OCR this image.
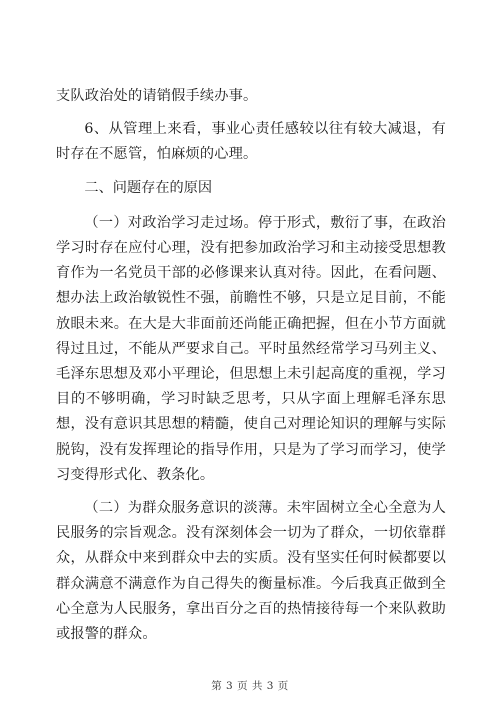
支队政治处的请销假手续办事。

6、从管理上来看，事业心责任感较以往有较大减退，有时存在不愿管，怕麻烦的心理。

二、问题存在的原因

（一）对政治学习走过场。停于形式，敷衍了事，在政治学习时存在应付心理，没有把参加政治学习和主动接受思想教育作为一名党员干部的必修课来认真对待。因此，在看问题、想办法上政治敏锐性不强，前瞻性不够，只是立足目前，不能放眼未来。在大是大非面前还尚能正确把握，但在小节方面就得过且过，不能从严要求自己。平时虽然经常学习马列主义、毛泽东思想及邓小平理论，但思想上未引起高度的重视，学习目的不够明确，学习时缺乏思考，只从字面上理解毛泽东思想，没有意识其思想的精髓，使自己对理论知识的理解与实际脱钩，没有发挥理论的指导作用，只是为了学习而学习，使学习变得形式化、教条化。

（二）为群众服务意识的淡薄。未牢固树立全心全意为人民服务的宗旨观念。没有深刻体会一切为了群众，一切依靠群众，从群众中来到群众中去的实质。没有坚实任何时候都要以群众满意不满意作为自己得失的衡量标准。今后我真正做到全心全意为人民服务，拿出百分之百的热情接待每一个来队救助或报警的群众。

第 3 页 共 3 页
